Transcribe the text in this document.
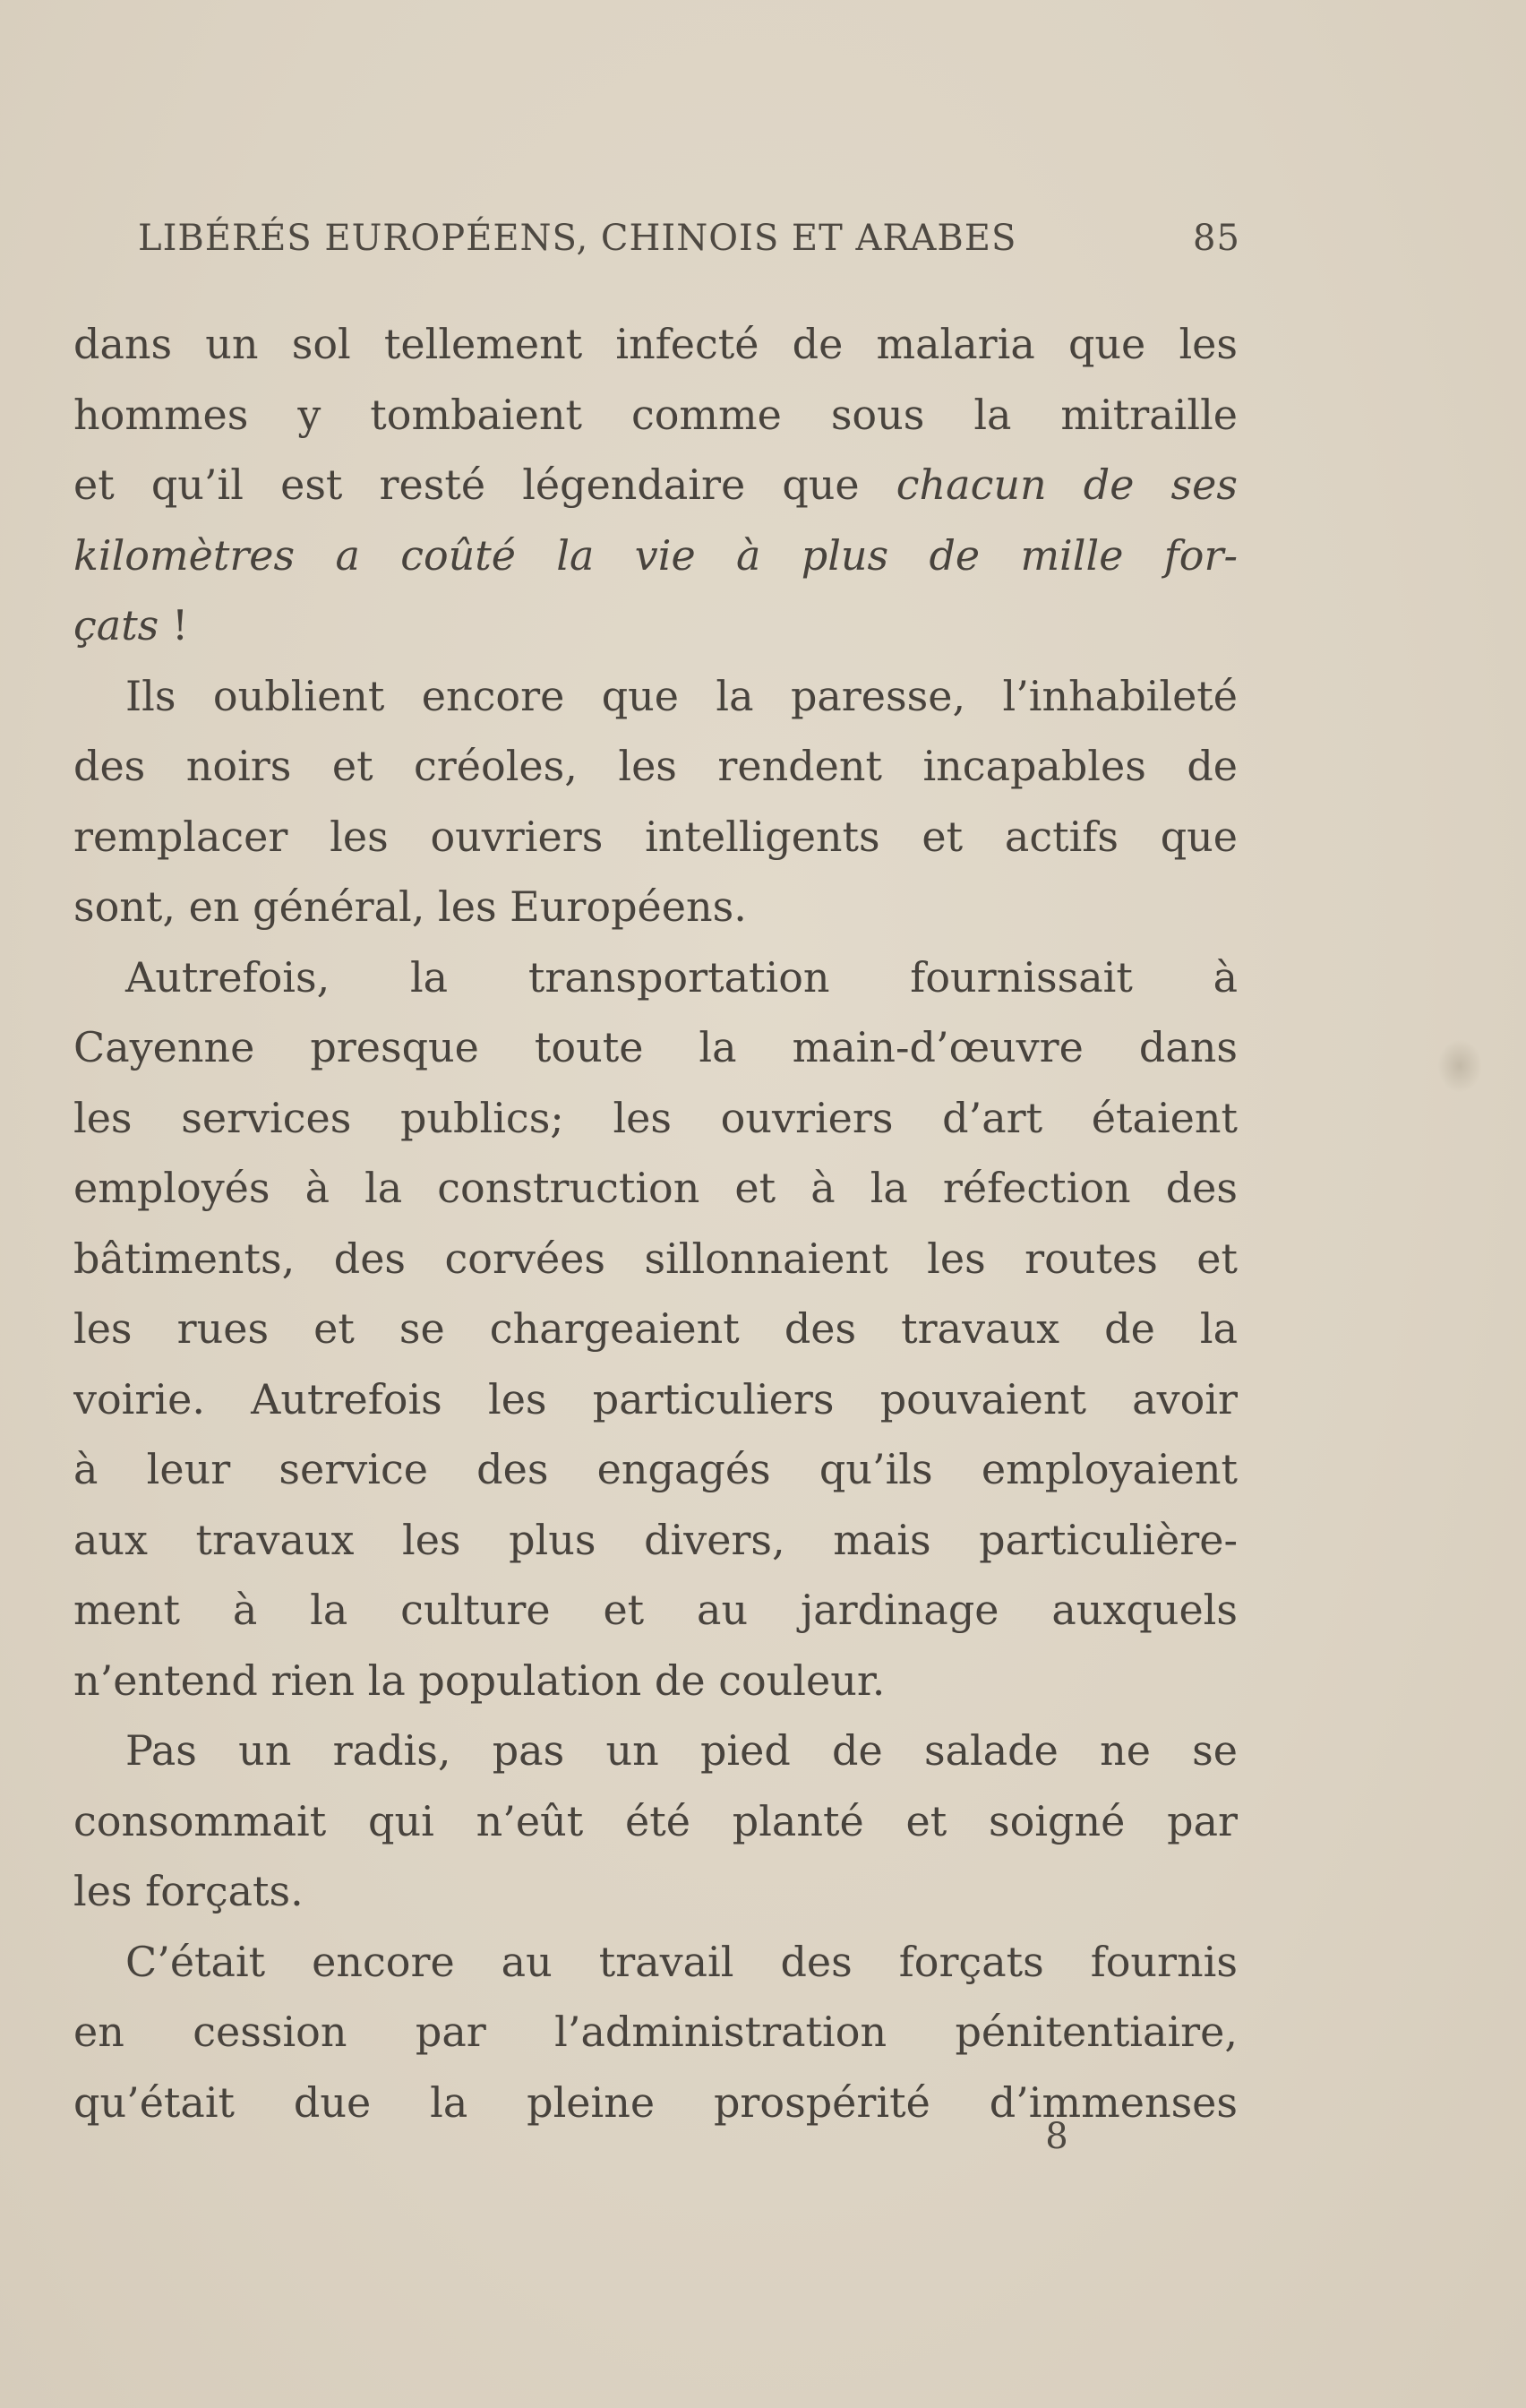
LIBÉRÉS EUROPÉENS, CHINOIS ET ARABES	85
dans un sol tellement infecté de malaria que les
hommes y tombaient comme sous la mitraille
et qu’il est resté légendaire que chacun de ses
kilomètres a coûté la vie à plus de mille for-
çats !
Ils oublient encore que la paresse, l’inhabileté
des noirs et créoles, les rendent incapables de
remplacer les ouvriers intelligents et actifs que
sont, en général, les Européens.
Autrefois, la transportation fournissait à
Cayenne presque toute la main-d’œuvre dans
les services publics; les ouvriers d’art étaient
employés à la construction et à la réfection des
bâtiments, des corvées sillonnaient les routes et
les rues et se chargeaient des travaux de la
voirie. Autrefois les particuliers pouvaient avoir
à leur service des engagés qu’ils employaient
aux travaux les plus divers, mais particulière-
ment à la culture et au jardinage auxquels
n’entend rien la population de couleur.
Pas un radis, pas un pied de salade ne se
consommait qui n’eût été planté et soigné par
les forçats.
C’était encore au travail des forçats fournis
en cession par l’administration pénitentiaire,
qu’était due la pleine prospérité d’immenses
8
